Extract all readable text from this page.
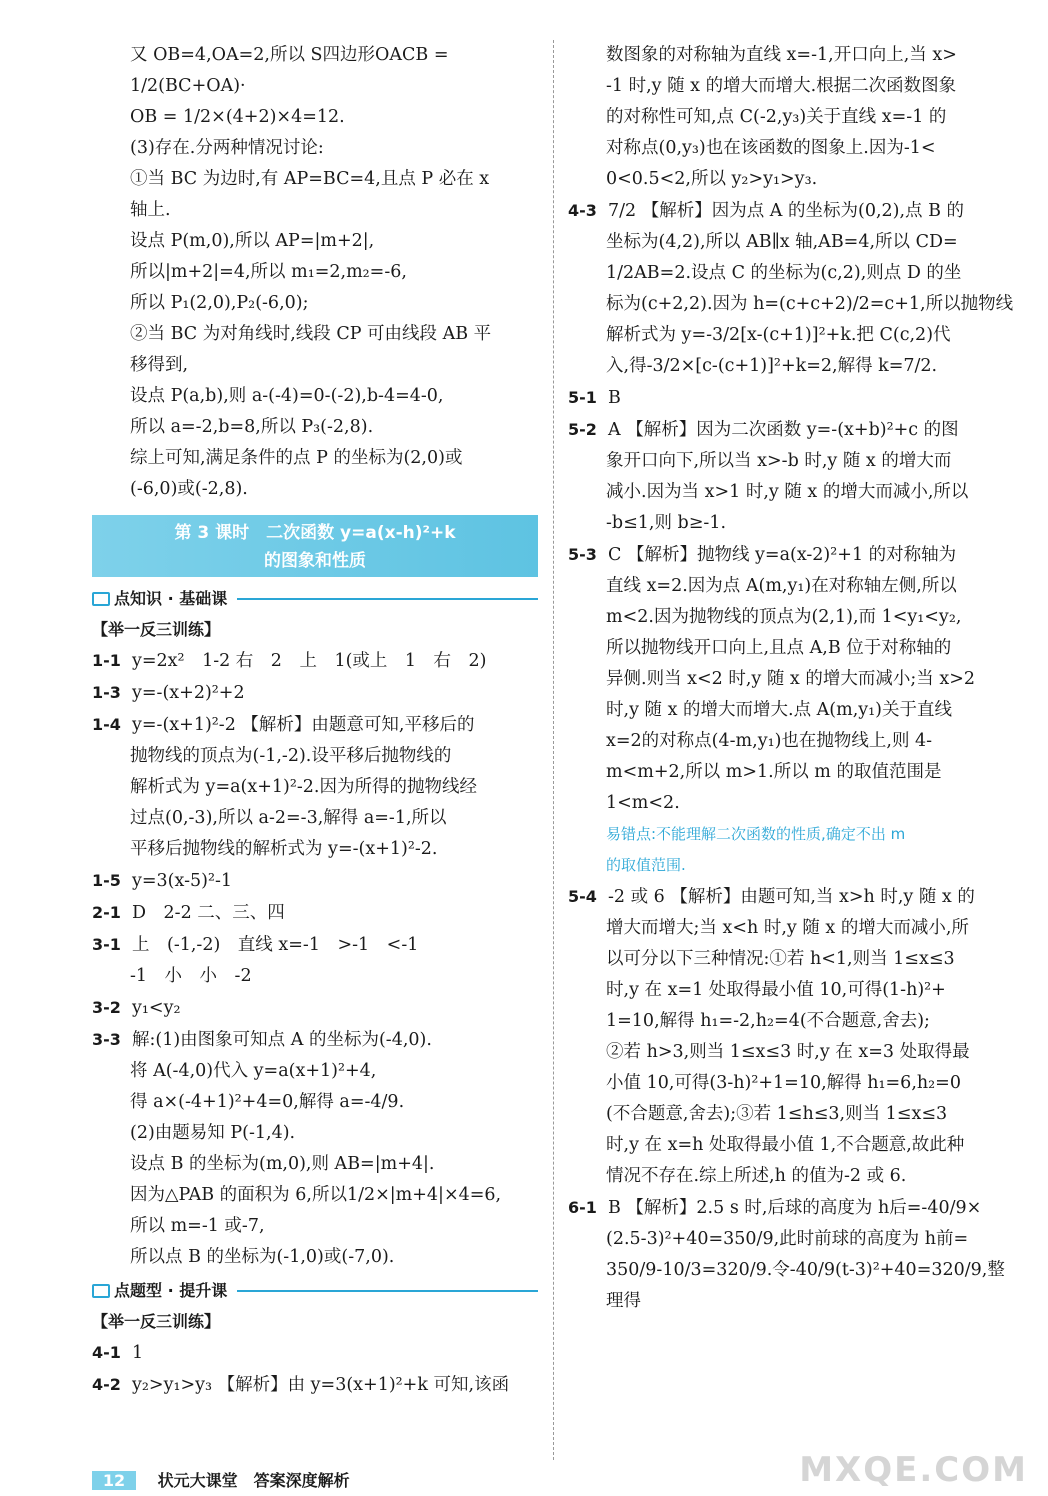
又 OB=4,OA=2,所以 S四边形OACB = 1/2(BC+OA)·
OB = 1/2×(4+2)×4=12.
(3)存在.分两种情况讨论:
①当 BC 为边时,有 AP=BC=4,且点 P 必在 x
轴上.
设点 P(m,0),所以 AP=|m+2|,
所以|m+2|=4,所以 m₁=2,m₂=-6,
所以 P₁(2,0),P₂(-6,0);
②当 BC 为对角线时,线段 CP 可由线段 AB 平
移得到,
设点 P(a,b),则 a-(-4)=0-(-2),b-4=4-0,
所以 a=-2,b=8,所以 P₃(-2,8).
综上可知,满足条件的点 P 的坐标为(2,0)或
(-6,0)或(-2,8).
第 3 课时　二次函数 y=a(x-h)²+k
的图象和性质
点知识 · 基础课
【举一反三训练】
1-1 y=2x²　1-2 右　2　上　1(或上　1　右　2)
1-3 y=-(x+2)²+2
1-4 y=-(x+1)²-2 【解析】由题意可知,平移后的
抛物线的顶点为(-1,-2).设平移后抛物线的
解析式为 y=a(x+1)²-2.因为所得的抛物线经
过点(0,-3),所以 a-2=-3,解得 a=-1,所以
平移后抛物线的解析式为 y=-(x+1)²-2.
1-5 y=3(x-5)²-1
2-1 D　2-2 二、三、四
3-1 上　(-1,-2)　直线 x=-1　>-1　<-1
-1　小　小　-2
3-2 y₁<y₂
3-3 解:(1)由图象可知点 A 的坐标为(-4,0).
将 A(-4,0)代入 y=a(x+1)²+4,
得 a×(-4+1)²+4=0,解得 a=-4/9.
(2)由题易知 P(-1,4).
设点 B 的坐标为(m,0),则 AB=|m+4|.
因为△PAB 的面积为 6,所以1/2×|m+4|×4=6,
所以 m=-1 或-7,
所以点 B 的坐标为(-1,0)或(-7,0).
点题型 · 提升课
【举一反三训练】
4-1 1
4-2 y₂>y₁>y₃ 【解析】由 y=3(x+1)²+k 可知,该函
数图象的对称轴为直线 x=-1,开口向上,当 x>
-1 时,y 随 x 的增大而增大.根据二次函数图象
的对称性可知,点 C(-2,y₃)关于直线 x=-1 的
对称点(0,y₃)也在该函数的图象上.因为-1<
0<0.5<2,所以 y₂>y₁>y₃.
4-3 7/2 【解析】因为点 A 的坐标为(0,2),点 B 的
坐标为(4,2),所以 AB∥x 轴,AB=4,所以 CD=
1/2AB=2.设点 C 的坐标为(c,2),则点 D 的坐
标为(c+2,2).因为 h=(c+c+2)/2=c+1,所以抛物线
解析式为 y=-3/2[x-(c+1)]²+k.把 C(c,2)代
入,得-3/2×[c-(c+1)]²+k=2,解得 k=7/2.
5-1 B
5-2 A 【解析】因为二次函数 y=-(x+b)²+c 的图
象开口向下,所以当 x>-b 时,y 随 x 的增大而
减小.因为当 x>1 时,y 随 x 的增大而减小,所以
-b≤1,则 b≥-1.
5-3 C 【解析】抛物线 y=a(x-2)²+1 的对称轴为
直线 x=2.因为点 A(m,y₁)在对称轴左侧,所以
m<2.因为抛物线的顶点为(2,1),而 1<y₁<y₂,
所以抛物线开口向上,且点 A,B 位于对称轴的
异侧.则当 x<2 时,y 随 x 的增大而减小;当 x>2
时,y 随 x 的增大而增大.点 A(m,y₁)关于直线
x=2的对称点(4-m,y₁)也在抛物线上,则 4-
m<m+2,所以 m>1.所以 m 的取值范围是 1<m<2.
易错点:不能理解二次函数的性质,确定不出 m
的取值范围.
5-4 -2 或 6 【解析】由题可知,当 x>h 时,y 随 x 的
增大而增大;当 x<h 时,y 随 x 的增大而减小,所
以可分以下三种情况:①若 h<1,则当 1≤x≤3
时,y 在 x=1 处取得最小值 10,可得(1-h)²+
1=10,解得 h₁=-2,h₂=4(不合题意,舍去);
②若 h>3,则当 1≤x≤3 时,y 在 x=3 处取得最
小值 10,可得(3-h)²+1=10,解得 h₁=6,h₂=0
(不合题意,舍去);③若 1≤h≤3,则当 1≤x≤3
时,y 在 x=h 处取得最小值 1,不合题意,故此种
情况不存在.综上所述,h 的值为-2 或 6.
6-1 B 【解析】2.5 s 时,后球的高度为 h后=-40/9×
(2.5-3)²+40=350/9,此时前球的高度为 h前=
350/9-10/3=320/9.令-40/9(t-3)²+40=320/9,整理得
12 状元大课堂　答案深度解析	MXQE.COM
